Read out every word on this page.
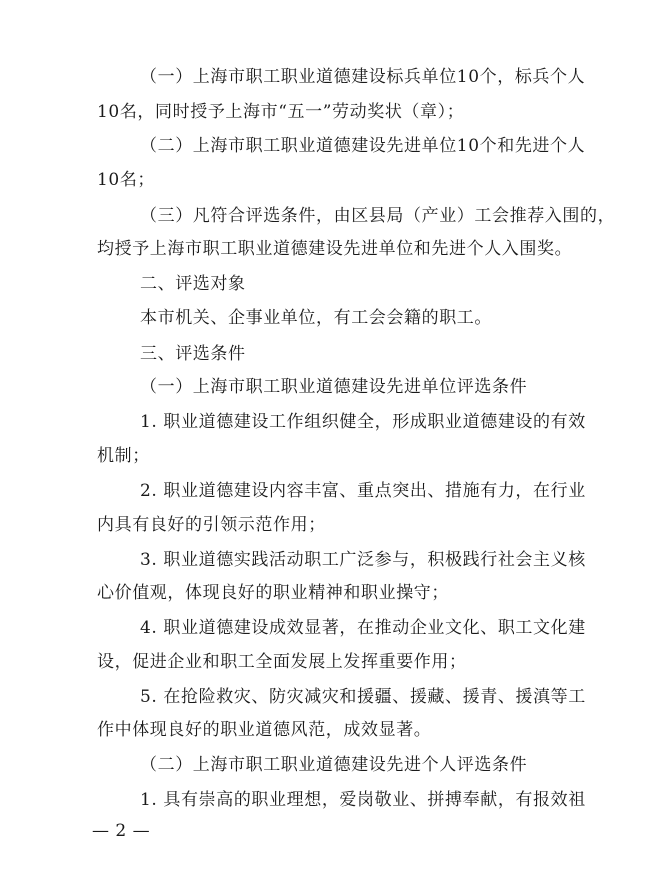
（一）上海市职工职业道德建设标兵单位10个，标兵个人
10名，同时授予上海市“五一”劳动奖状（章）；
（二）上海市职工职业道德建设先进单位10个和先进个人
10名；
（三）凡符合评选条件，由区县局（产业）工会推荐入围的，
均授予上海市职工职业道德建设先进单位和先进个人入围奖。
二、评选对象
本市机关、企事业单位，有工会会籍的职工。
三、评选条件
（一）上海市职工职业道德建设先进单位评选条件
1. 职业道德建设工作组织健全，形成职业道德建设的有效
机制；
2. 职业道德建设内容丰富、重点突出、措施有力，在行业
内具有良好的引领示范作用；
3. 职业道德实践活动职工广泛参与，积极践行社会主义核
心价值观，体现良好的职业精神和职业操守；
4. 职业道德建设成效显著，在推动企业文化、职工文化建
设，促进企业和职工全面发展上发挥重要作用；
5. 在抢险救灾、防灾减灾和援疆、援藏、援青、援滇等工
作中体现良好的职业道德风范，成效显著。
（二）上海市职工职业道德建设先进个人评选条件
1. 具有崇高的职业理想，爱岗敬业、拼搏奉献，有报效祖
— 2 —
